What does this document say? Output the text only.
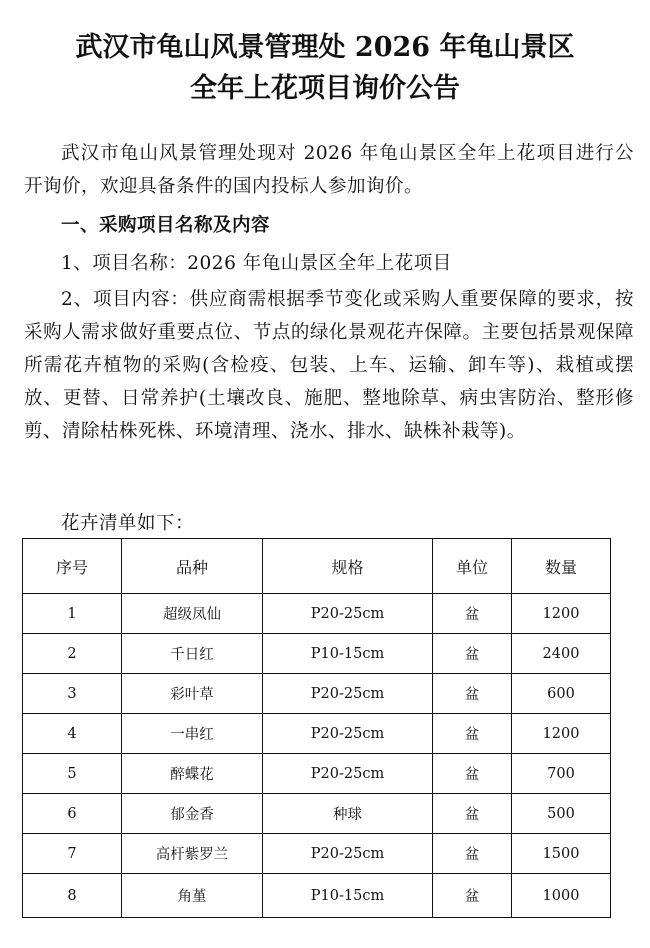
武汉市龟山风景管理处 2026 年龟山景区
全年上花项目询价公告
武汉市龟山风景管理处现对 2026 年龟山景区全年上花项目进行公开询价，欢迎具备条件的国内投标人参加询价。
一、采购项目名称及内容
1、项目名称：2026 年龟山景区全年上花项目
2、项目内容：供应商需根据季节变化或采购人重要保障的要求，按采购人需求做好重要点位、节点的绿化景观花卉保障。主要包括景观保障所需花卉植物的采购(含检疫、包装、上车、运输、卸车等)、栽植或摆放、更替、日常养护(土壤改良、施肥、整地除草、病虫害防治、整形修剪、清除枯株死株、环境清理、浇水、排水、缺株补栽等)。
花卉清单如下：
序号	品种	规格	单位	数量
1	超级凤仙	P20-25cm	盆	1200
2	千日红	P10-15cm	盆	2400
3	彩叶草	P20-25cm	盆	600
4	一串红	P20-25cm	盆	1200
5	醉蝶花	P20-25cm	盆	700
6	郁金香	种球	盆	500
7	高杆紫罗兰	P20-25cm	盆	1500
8	角堇	P10-15cm	盆	1000
